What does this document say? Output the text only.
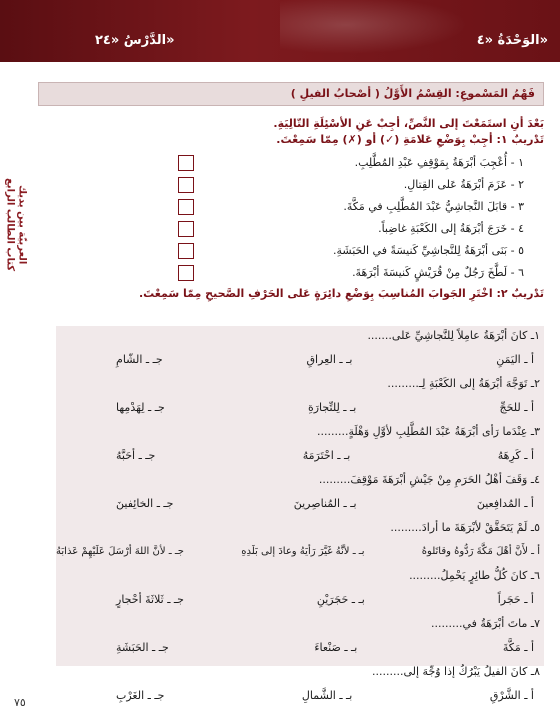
الوَحْدَةُ «٤»
الدَّرْسُ «٢٤»
كتاب الطالب الرابع العربيّة بين يديك
فَهْمُ المَسْموعِ: القِسْمُ الأَوَّلُ ( أصْحابُ الفيلِ )
بَعْدَ أنِ استَمَعْتَ إلى النَّصِّ، أجِبْ عَنِ الأسْئِلَةِ التّالِيَةِ.
تَدْريبٌ ١: أجِبْ بِوَضْعِ عَلامَةِ (✓) أو (✗) مِمّا سَمِعْتَ.
١ - أُعْجِبَ أبْرَهَةُ بِمَوْقِفِ عَبْدِ المُطَّلِبِ.
٢ - عَزَمَ أبْرَهَةُ عَلى القِتالِ.
٣ - قابَلَ النَّجاشِيُّ عَبْدَ المُطَّلِبِ في مَكَّةَ.
٤ - خَرَجَ أبْرَهَةُ إلى الكَعْبَةِ غاضِباً.
٥ - بَنَى أبْرَهَةُ لِلنَّجاشِيِّ كَنيسَةً في الحَبَشَةِ.
٦ - لَطَّخَ رَجُلٌ مِنْ قُرَيْشٍ كَنيسَةَ أبْرَهَةَ.
تَدْريبٌ ٢: اخْتَرِ الجَوابَ المُناسِبَ بِوَضْعِ دائِرَةٍ عَلى الحَرْفِ الصَّحيحِ مِمّا سَمِعْتَ.
١ـ كانَ أبْرَهَةُ عامِلاً لِلنَّجاشِيِّ عَلى.......
أ ـ اليَمَنِ
بـ ـ العِراقِ
جـ ـ الشّامِ
٢ـ تَوَجَّهَ أبْرَهَةُ إلى الكَعْبَةِ لِـ.........
أ ـ للحَجِّ
بـ ـ لِلتِّجارَةِ
جـ ـ لِهَدْمِها
٣ـ عِنْدَما رَأى أبْرَهَةُ عَبْدَ المُطَّلِبِ لأوَّلِ وَهْلَةٍ.........
أ ـ كَرِهَهُ
بـ ـ احْتَرَمَهُ
جـ ـ أحَبَّهُ
٤ـ وَقَفَ أهْلُ الحَرَمِ مِنْ جَيْشِ أبْرَهَةَ مَوْقِفَ.........
أ ـ المُدافِعينَ
بـ ـ المُناصِرينَ
جـ ـ الخائِفينَ
٥ـ لَمْ يَتَحَقَّقْ لأبْرَهَةَ ما أرادَ.........
أ ـ لأَنَّ أهْلَ مَكَّةَ رَدُّوهُ وقاتَلوهُ
بـ ـ لأنَّهُ غَيَّرَ رَأيَهُ وعادَ إلى بَلَدِهِ
جـ ـ لأنَّ اللهَ أرْسَلَ عَلَيْهِمْ عَذابَهُ
٦ـ كانَ كُلُّ طائِرٍ يَحْمِلُ.........
أ ـ حَجَراً
بـ ـ حَجَرَيْنِ
جـ ـ ثَلاثَةَ أحْجارٍ
٧ـ ماتَ أبْرَهَةُ في.........
أ ـ مَكَّةَ
بـ ـ صَنْعاءَ
جـ ـ الحَبَشَةِ
٨ـ كانَ الفيلُ يَبْرُكُ إذا وُجِّهَ إلى.........
أ ـ الشَّرْقِ
بـ ـ الشَّمالِ
جـ ـ الغَرْبِ
٧٥
